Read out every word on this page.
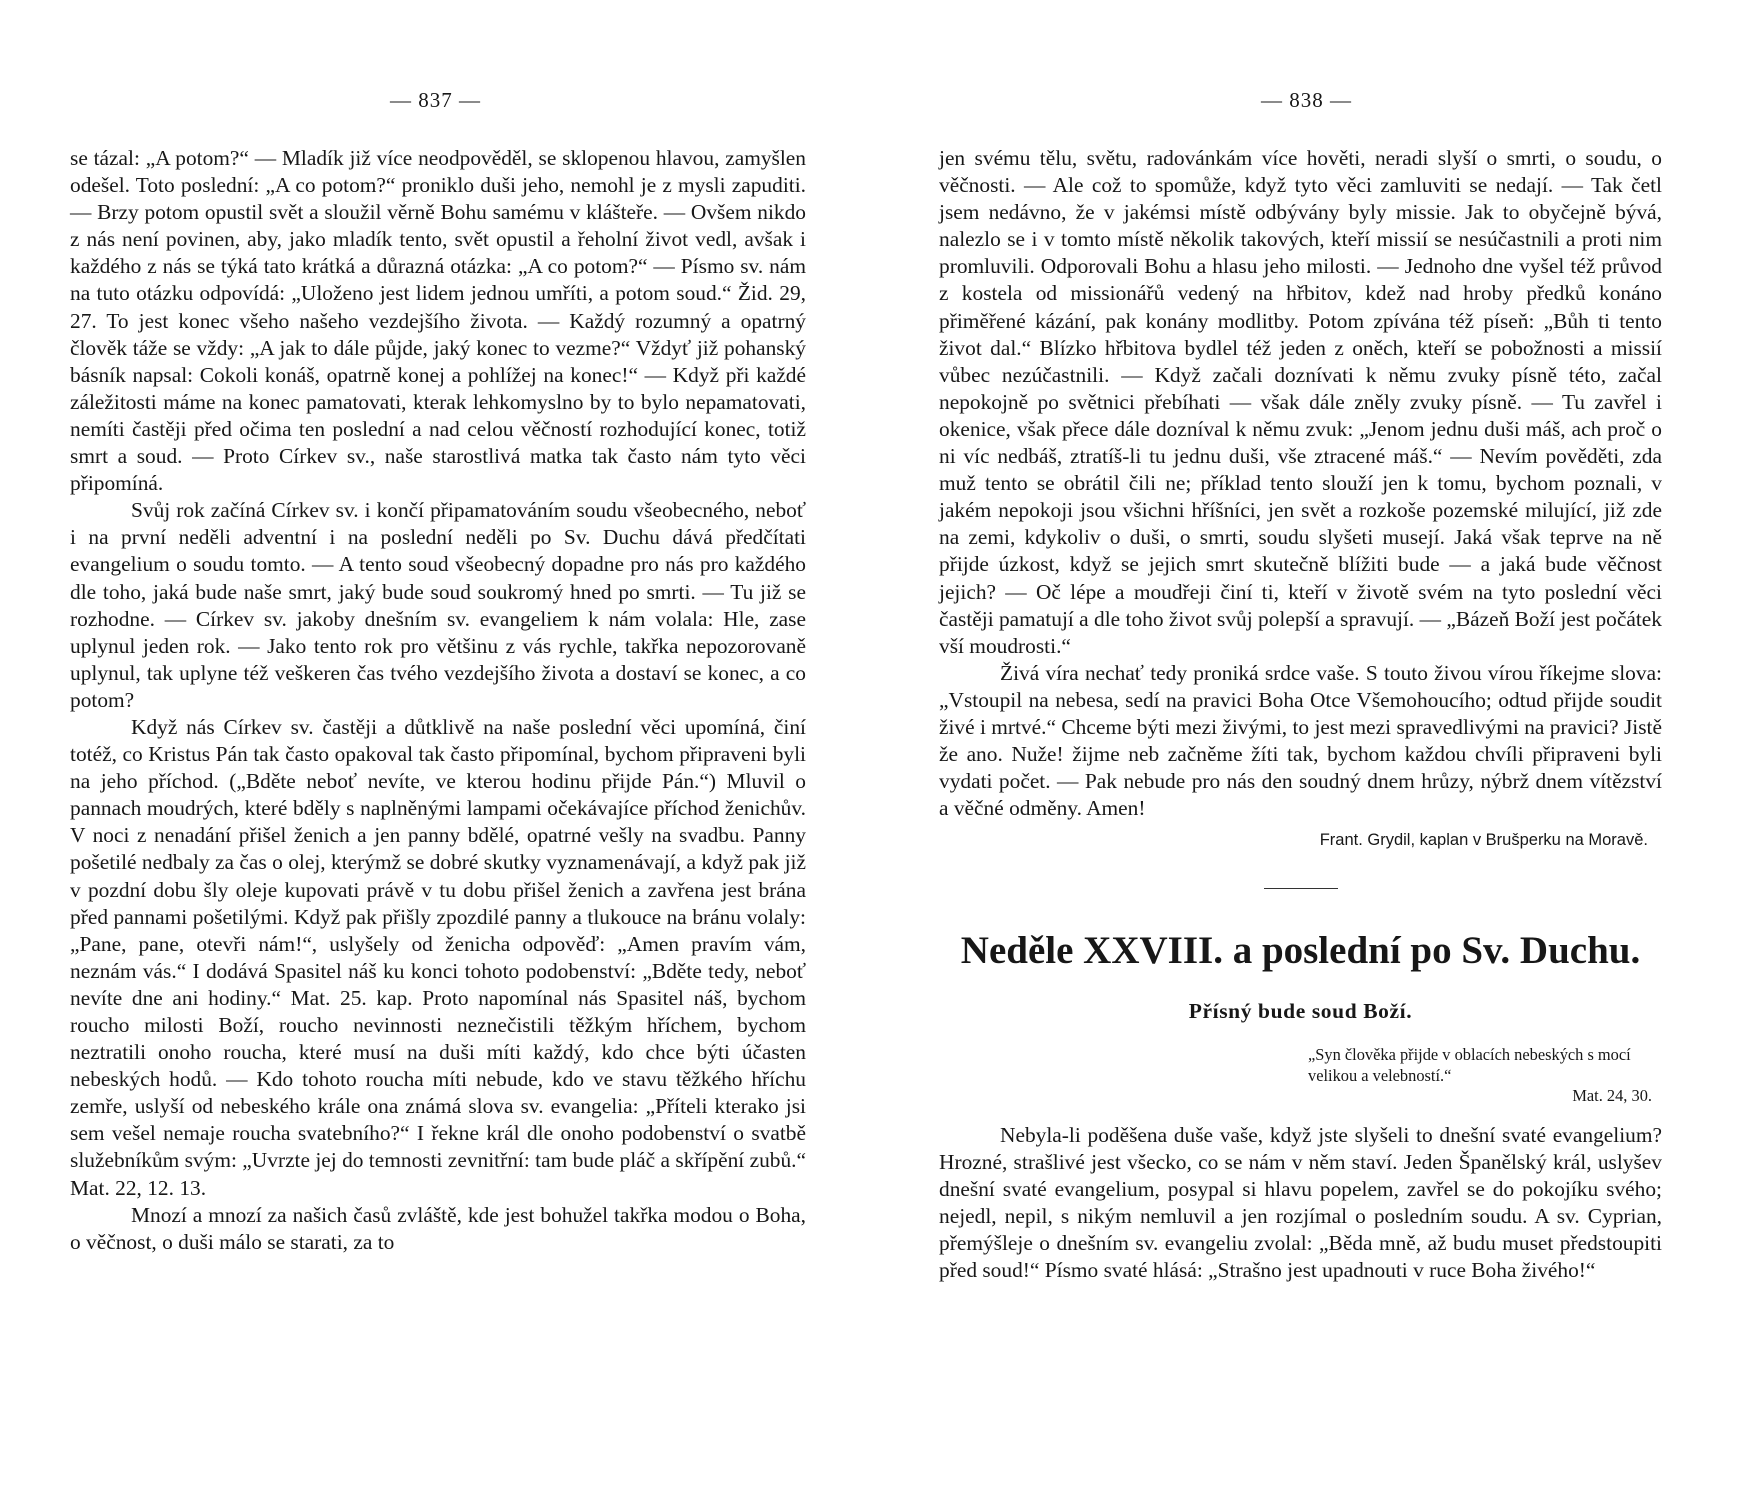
— 837 —

se tázal: „A potom?“ — Mladík již více neodpověděl, se sklopenou hlavou, zamyšlen odešel. Toto poslední: „A co potom?“ proniklo duši jeho, nemohl je z mysli zapuditi. — Brzy potom opustil svět a sloužil věrně Bohu samému v klášteře. — Ovšem nikdo z nás není povinen, aby, jako mladík tento, svět opustil a řeholní život vedl, avšak i každého z nás se týká tato krátká a důrazná otázka: „A co potom?“ — Písmo sv. nám na tuto otázku odpovídá: „Uloženo jest lidem jednou umříti, a potom soud.“ Žid. 29, 27. To jest konec všeho našeho vezdejšího života. — Každý rozumný a opatrný člověk táže se vždy: „A jak to dále půjde, jaký konec to vezme?“ Vždyť již pohanský básník napsal: Cokoli konáš, opatrně konej a pohlížej na konec!“ — Když při každé záležitosti máme na konec pamatovati, kterak lehkomyslno by to bylo nepamatovati, nemíti častěji před očima ten poslední a nad celou věčností rozhodující konec, totiž smrt a soud. — Proto Církev sv., naše starostlivá matka tak často nám tyto věci připomíná.

Svůj rok začíná Církev sv. i končí připamatováním soudu všeobecného, neboť i na první neděli adventní i na poslední neděli po Sv. Duchu dává předčítati evangelium o soudu tomto. — A tento soud všeobecný dopadne pro nás pro každého dle toho, jaká bude naše smrt, jaký bude soud soukromý hned po smrti. — Tu již se rozhodne. — Církev sv. jakoby dnešním sv. evangeliem k nám volala: Hle, zase uplynul jeden rok. — Jako tento rok pro většinu z vás rychle, takřka nepozorovaně uplynul, tak uplyne též veškeren čas tvého vezdejšího života a dostaví se konec, a co potom?

Když nás Církev sv. častěji a důtklivě na naše poslední věci upomíná, činí totéž, co Kristus Pán tak často opakoval tak často připomínal, bychom připraveni byli na jeho příchod. („Bděte neboť nevíte, ve kterou hodinu přijde Pán.“) Mluvil o pannach moudrých, které bděly s naplněnými lampami očekávajíce příchod ženichův. V noci z nenadání přišel ženich a jen panny bdělé, opatrné vešly na svadbu. Panny pošetilé nedbaly za čas o olej, kterýmž se dobré skutky vyznamenávají, a když pak již v pozdní dobu šly oleje kupovati právě v tu dobu přišel ženich a zavřena jest brána před pannami pošetilými. Když pak přišly zpozdilé panny a tlukouce na bránu volaly: „Pane, pane, otevři nám!“, uslyšely od ženicha odpověď: „Amen pravím vám, neznám vás.“ I dodává Spasitel náš ku konci tohoto podobenství: „Bděte tedy, neboť nevíte dne ani hodiny.“ Mat. 25. kap. Proto napomínal nás Spasitel náš, bychom roucho milosti Boží, roucho nevinnosti neznečistili těžkým hříchem, bychom neztratili onoho roucha, které musí na duši míti každý, kdo chce býti účasten nebeských hodů. — Kdo tohoto roucha míti nebude, kdo ve stavu těžkého hříchu zemře, uslyší od nebeského krále ona známá slova sv. evangelia: „Příteli kterako jsi sem vešel nemaje roucha svatebního?“ I řekne král dle onoho podobenství o svatbě služebníkům svým: „Uvrzte jej do temnosti zevnitřní: tam bude pláč a skřípění zubů.“ Mat. 22, 12. 13.

Mnozí a mnozí za našich časů zvláště, kde jest bohužel takřka modou o Boha, o věčnost, o duši málo se starati, za to

— 838 —

jen svému tělu, světu, radovánkám více hověti, neradi slyší o smrti, o soudu, o věčnosti. — Ale což to spomůže, když tyto věci zamluviti se nedají. — Tak četl jsem nedávno, že v jakémsi místě odbývány byly missie. Jak to obyčejně bývá, nalezlo se i v tomto místě několik takových, kteří missií se nesúčastnili a proti nim promluvili. Odporovali Bohu a hlasu jeho milosti. — Jednoho dne vyšel též průvod z kostela od missionářů vedený na hřbitov, kdež nad hroby předků konáno přiměřené kázání, pak konány modlitby. Potom zpívána též píseň: „Bůh ti tento život dal.“ Blízko hřbitova bydlel též jeden z oněch, kteří se pobožnosti a missií vůbec nezúčastnili. — Když začali doznívati k němu zvuky písně této, začal nepokojně po světnici přebíhati — však dále zněly zvuky písně. — Tu zavřel i okenice, však přece dále dozníval k němu zvuk: „Jenom jednu duši máš, ach proč o ni víc nedbáš, ztratíš-li tu jednu duši, vše ztracené máš.“ — Nevím pověděti, zda muž tento se obrátil čili ne; příklad tento slouží jen k tomu, bychom poznali, v jakém nepokoji jsou všichni hříšníci, jen svět a rozkoše pozemské milující, již zde na zemi, kdykoliv o duši, o smrti, soudu slyšeti musejí. Jaká však teprve na ně přijde úzkost, když se jejich smrt skutečně blížiti bude — a jaká bude věčnost jejich? — Oč lépe a moudřeji činí ti, kteří v životě svém na tyto poslední věci častěji pamatují a dle toho život svůj polepší a spravují. — „Bázeň Boží jest počátek vší moudrosti.“

Živá víra nechať tedy proniká srdce vaše. S touto živou vírou říkejme slova: „Vstoupil na nebesa, sedí na pravici Boha Otce Všemohoucího; odtud přijde soudit živé i mrtvé.“ Chceme býti mezi živými, to jest mezi spravedlivými na pravici? Jistě že ano. Nuže! žijme neb začněme žíti tak, bychom každou chvíli připraveni byli vydati počet. — Pak nebude pro nás den soudný dnem hrůzy, nýbrž dnem vítězství a věčné odměny. Amen!

Frant. Grydil, kaplan v Brušperku na Moravě.
Neděle XXVIII. a poslední po Sv. Duchu.
Přísný bude soud Boží.
„Syn člověka přijde v oblacích nebeských s mocí velikou a velebností.“
Mat. 24, 30.

Nebyla-li poděšena duše vaše, když jste slyšeli to dnešní svaté evangelium? Hrozné, strašlivé jest všecko, co se nám v něm staví. Jeden Španělský král, uslyšev dnešní svaté evangelium, posypal si hlavu popelem, zavřel se do pokojíku svého; nejedl, nepil, s nikým nemluvil a jen rozjímal o posledním soudu. A sv. Cyprian, přemýšleje o dnešním sv. evangeliu zvolal: „Běda mně, až budu muset předstoupiti před soud!“ Písmo svaté hlásá: „Strašno jest upadnouti v ruce Boha živého!“
